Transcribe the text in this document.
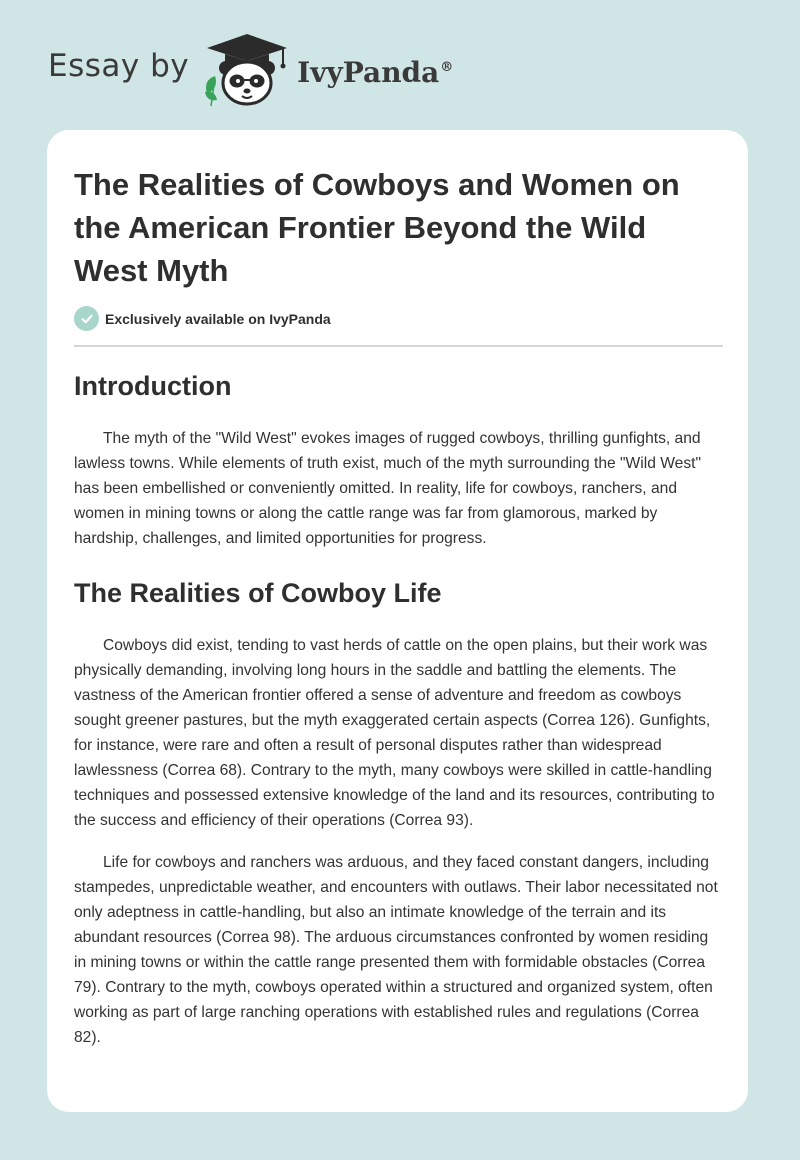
Essay by	IvyPanda®
The Realities of Cowboys and Women on the American Frontier Beyond the Wild West Myth
Exclusively available on IvyPanda
Introduction

The myth of the "Wild West" evokes images of rugged cowboys, thrilling gunfights, and lawless towns. While elements of truth exist, much of the myth surrounding the "Wild West" has been embellished or conveniently omitted. In reality, life for cowboys, ranchers, and women in mining towns or along the cattle range was far from glamorous, marked by hardship, challenges, and limited opportunities for progress.

The Realities of Cowboy Life

Cowboys did exist, tending to vast herds of cattle on the open plains, but their work was physically demanding, involving long hours in the saddle and battling the elements. The vastness of the American frontier offered a sense of adventure and freedom as cowboys sought greener pastures, but the myth exaggerated certain aspects (Correa 126). Gunfights, for instance, were rare and often a result of personal disputes rather than widespread lawlessness (Correa 68). Contrary to the myth, many cowboys were skilled in cattle-handling techniques and possessed extensive knowledge of the land and its resources, contributing to the success and efficiency of their operations (Correa 93).

Life for cowboys and ranchers was arduous, and they faced constant dangers, including stampedes, unpredictable weather, and encounters with outlaws. Their labor necessitated not only adeptness in cattle-handling, but also an intimate knowledge of the terrain and its abundant resources (Correa 98). The arduous circumstances confronted by women residing in mining towns or within the cattle range presented them with formidable obstacles (Correa 79). Contrary to the myth, cowboys operated within a structured and organized system, often working as part of large ranching operations with established rules and regulations (Correa 82).
